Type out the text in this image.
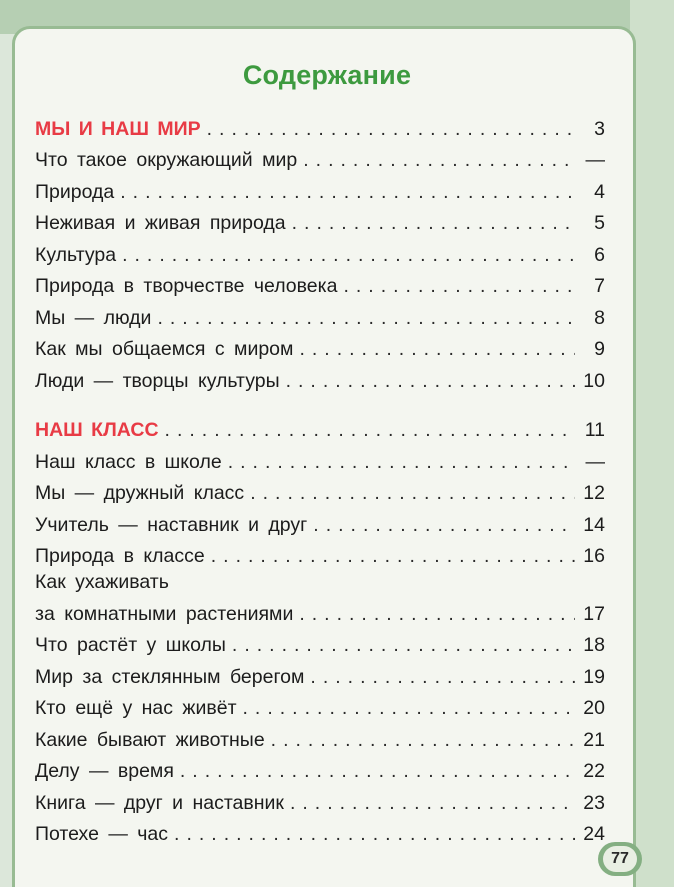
Содержание
МЫ И НАШ МИР .....	3
Что такое окружающий мир .....	—
Природа .....	4
Неживая и живая природа .....	5
Культура .....	6
Природа в творчестве человека .....	7
Мы — люди .....	8
Как мы общаемся с миром .....	9
Люди — творцы культуры .....	10
НАШ КЛАСС .....	11
Наш класс в школе .....	—
Мы — дружный класс .....	12
Учитель — наставник и друг .....	14
Природа в классе .....	16
Как ухаживать
за комнатными растениями .....	17
Что растёт у школы .....	18
Мир за стеклянным берегом .....	19
Кто ещё у нас живёт .....	20
Какие бывают животные .....	21
Делу — время .....	22
Книга — друг и наставник .....	23
Потехе — час .....	24
77
